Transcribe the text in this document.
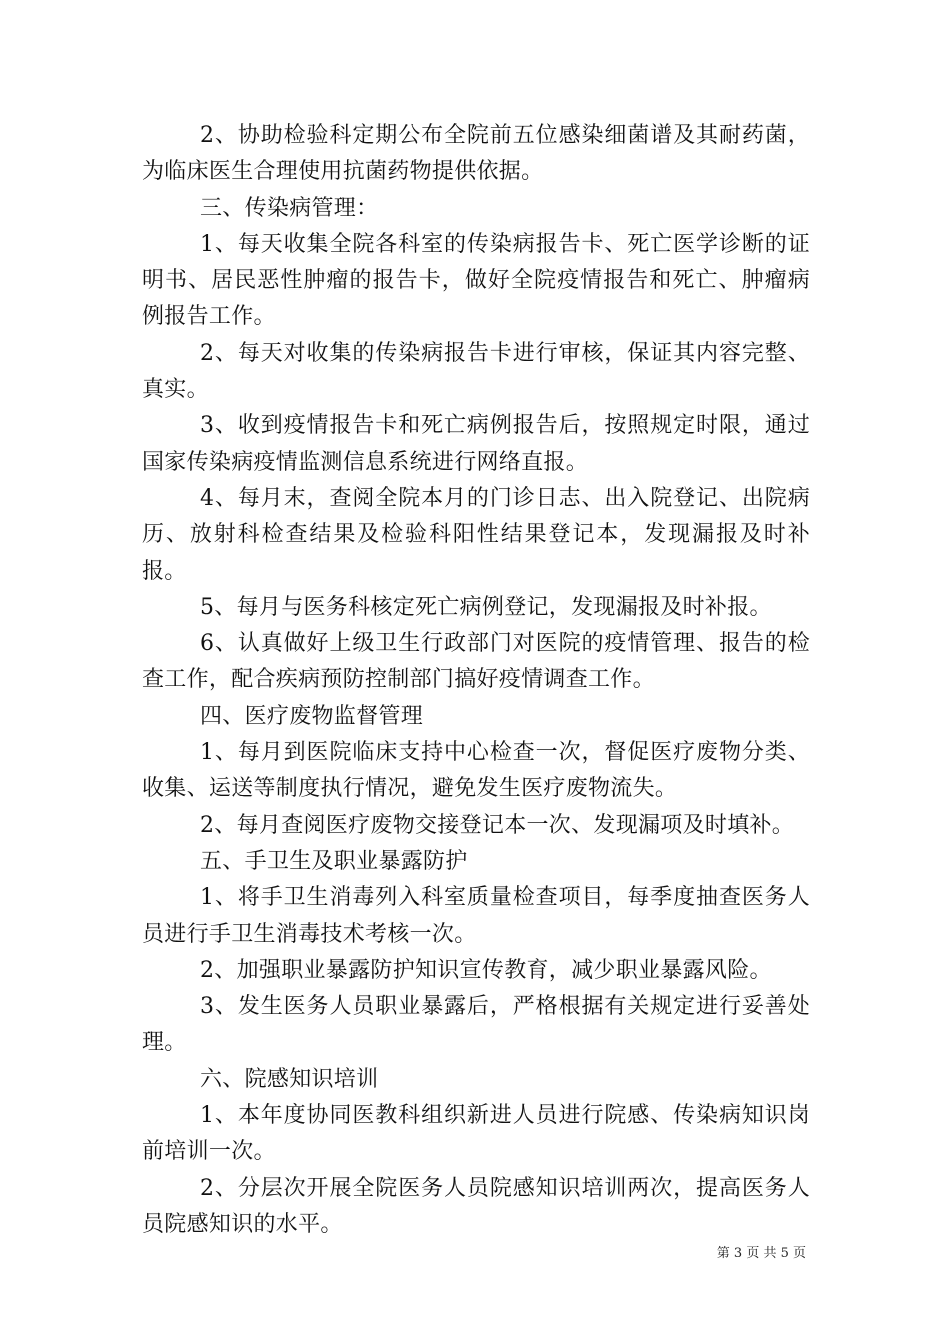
2、协助检验科定期公布全院前五位感染细菌谱及其耐药菌，为临床医生合理使用抗菌药物提供依据。

三、传染病管理：

1、每天收集全院各科室的传染病报告卡、死亡医学诊断的证明书、居民恶性肿瘤的报告卡，做好全院疫情报告和死亡、肿瘤病例报告工作。

2、每天对收集的传染病报告卡进行审核，保证其内容完整、真实。

3、收到疫情报告卡和死亡病例报告后，按照规定时限，通过国家传染病疫情监测信息系统进行网络直报。

4、每月末，查阅全院本月的门诊日志、出入院登记、出院病历、放射科检查结果及检验科阳性结果登记本，发现漏报及时补报。

5、每月与医务科核定死亡病例登记，发现漏报及时补报。

6、认真做好上级卫生行政部门对医院的疫情管理、报告的检查工作，配合疾病预防控制部门搞好疫情调查工作。

四、医疗废物监督管理

1、每月到医院临床支持中心检查一次，督促医疗废物分类、收集、运送等制度执行情况，避免发生医疗废物流失。

2、每月查阅医疗废物交接登记本一次、发现漏项及时填补。

五、手卫生及职业暴露防护

1、将手卫生消毒列入科室质量检查项目，每季度抽查医务人员进行手卫生消毒技术考核一次。

2、加强职业暴露防护知识宣传教育，减少职业暴露风险。

3、发生医务人员职业暴露后，严格根据有关规定进行妥善处理。

六、院感知识培训

1、本年度协同医教科组织新进人员进行院感、传染病知识岗前培训一次。

2、分层次开展全院医务人员院感知识培训两次，提高医务人员院感知识的水平。

第 3 页 共 5 页
